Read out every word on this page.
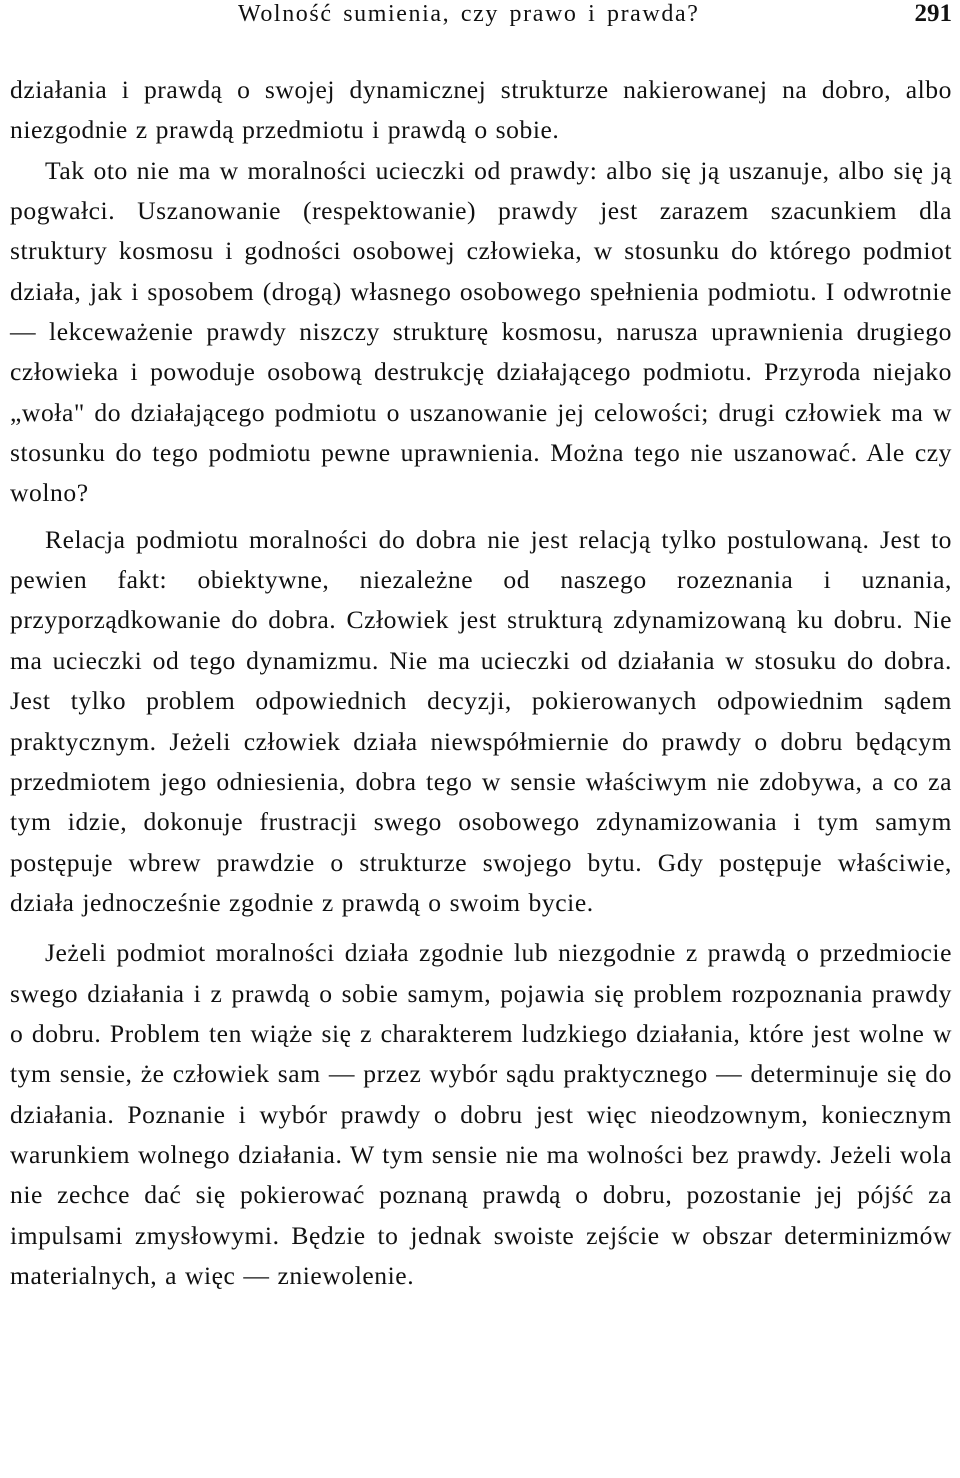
Wolność sumienia, czy prawo i prawda?	291

działania i prawdą o swojej dynamicznej strukturze nakierowanej na dobro, albo niezgodnie z prawdą przedmiotu i prawdą o sobie.

Tak oto nie ma w moralności ucieczki od prawdy: albo się ją uszanuje, albo się ją pogwałci. Uszanowanie (respektowanie) prawdy jest zarazem szacunkiem dla struktury kosmosu i godności osobowej człowieka, w stosunku do którego podmiot działa, jak i sposobem (drogą) własnego osobowego spełnienia podmiotu. I odwrotnie — lekceważenie prawdy niszczy strukturę kosmosu, narusza uprawnienia drugiego człowieka i powoduje osobową destrukcję działającego podmiotu. Przyroda niejako „woła" do działającego podmiotu o uszanowanie jej celowości; drugi człowiek ma w stosunku do tego podmiotu pewne uprawnienia. Można tego nie uszanować. Ale czy wolno?

Relacja podmiotu moralności do dobra nie jest relacją tylko postulowaną. Jest to pewien fakt: obiektywne, niezależne od naszego rozeznania i uznania, przyporządkowanie do dobra. Człowiek jest strukturą zdynamizowaną ku dobru. Nie ma ucieczki od tego dynamizmu. Nie ma ucieczki od działania w stosuku do dobra. Jest tylko problem odpowiednich decyzji, pokierowanych odpowiednim sądem praktycznym. Jeżeli człowiek działa niewspółmiernie do prawdy o dobru będącym przedmiotem jego odniesienia, dobra tego w sensie właściwym nie zdobywa, a co za tym idzie, dokonuje frustracji swego osobowego zdynamizowania i tym samym postępuje wbrew prawdzie o strukturze swojego bytu. Gdy postępuje właściwie, działa jednocześnie zgodnie z prawdą o swoim bycie.

Jeżeli podmiot moralności działa zgodnie lub niezgodnie z prawdą o przedmiocie swego działania i z prawdą o sobie samym, pojawia się problem rozpoznania prawdy o dobru. Problem ten wiąże się z charakterem ludzkiego działania, które jest wolne w tym sensie, że człowiek sam — przez wybór sądu praktycznego — determinuje się do działania. Poznanie i wybór prawdy o dobru jest więc nieodzownym, koniecznym warunkiem wolnego działania. W tym sensie nie ma wolności bez prawdy. Jeżeli wola nie zechce dać się pokierować poznaną prawdą o dobru, pozostanie jej pójść za impulsami zmysłowymi. Będzie to jednak swoiste zejście w obszar determinizmów materialnych, a więc — zniewolenie.
